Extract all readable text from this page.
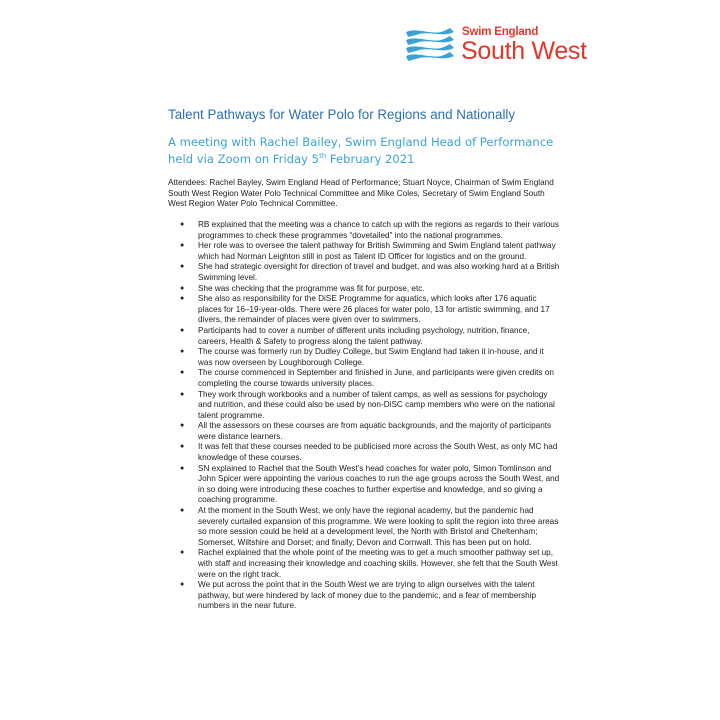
Swim England
South West
Talent Pathways for Water Polo for Regions and Nationally
A meeting with Rachel Bailey, Swim England Head of Performance
held via Zoom on Friday 5th February 2021
Attendees: Rachel Bayley, Swim England Head of Performance; Stuart Noyce, Chairman of Swim England South West Region Water Polo Technical Committee and Mike Coles, Secretary of Swim England South West Region Water Polo Technical Committee.
● RB explained that the meeting was a chance to catch up with the regions as regards to their various programmes to check these programmes “dovetailed” into the national programmes.
● Her role was to oversee the talent pathway for British Swimming and Swim England talent pathway which had Norman Leighton still in post as Talent ID Officer for logistics and on the ground.
● She had strategic oversight for direction of travel and budget, and was also working hard at a British Swimming level.
● She was checking that the programme was fit for purpose, etc.
● She also as responsibility for the DiSE Programme for aquatics, which looks after 176 aquatic places for 16–19-year-olds. There were 26 places for water polo, 13 for artistic swimming, and 17 divers, the remainder of places were given over to swimmers.
● Participants had to cover a number of different units including psychology, nutrition, finance, careers, Health & Safety to progress along the talent pathway.
● The course was formerly run by Dudley College, but Swim England had taken it in-house, and it was now overseen by Loughborough College.
● The course commenced in September and finished in June, and participants were given credits on completing the course towards university places.
● They work through workbooks and a number of talent camps, as well as sessions for psychology and nutrition, and these could also be used by non-DiSC camp members who were on the national talent programme.
● All the assessors on these courses are from aquatic backgrounds, and the majority of participants were distance learners.
● It was felt that these courses needed to be publicised more across the South West, as only MC had knowledge of these courses.
● SN explained to Rachel that the South West’s head coaches for water polo, Simon Tomlinson and John Spicer were appointing the various coaches to run the age groups across the South West, and in so doing were introducing these coaches to further expertise and knowledge, and so giving a coaching programme.
● At the moment in the South West, we only have the regional academy, but the pandemic had severely curtailed expansion of this programme. We were looking to split the region into three areas so more session could be held at a development level, the North with Bristol and Cheltenham; Somerset, Wiltshire and Dorset; and finally, Devon and Cornwall. This has been put on hold.
● Rachel explained that the whole point of the meeting was to get a much smoother pathway set up, with staff and increasing their knowledge and coaching skills. However, she felt that the South West were on the right track.
● We put across the point that in the South West we are trying to align ourselves with the talent pathway, but were hindered by lack of money due to the pandemic, and a fear of membership numbers in the near future.
